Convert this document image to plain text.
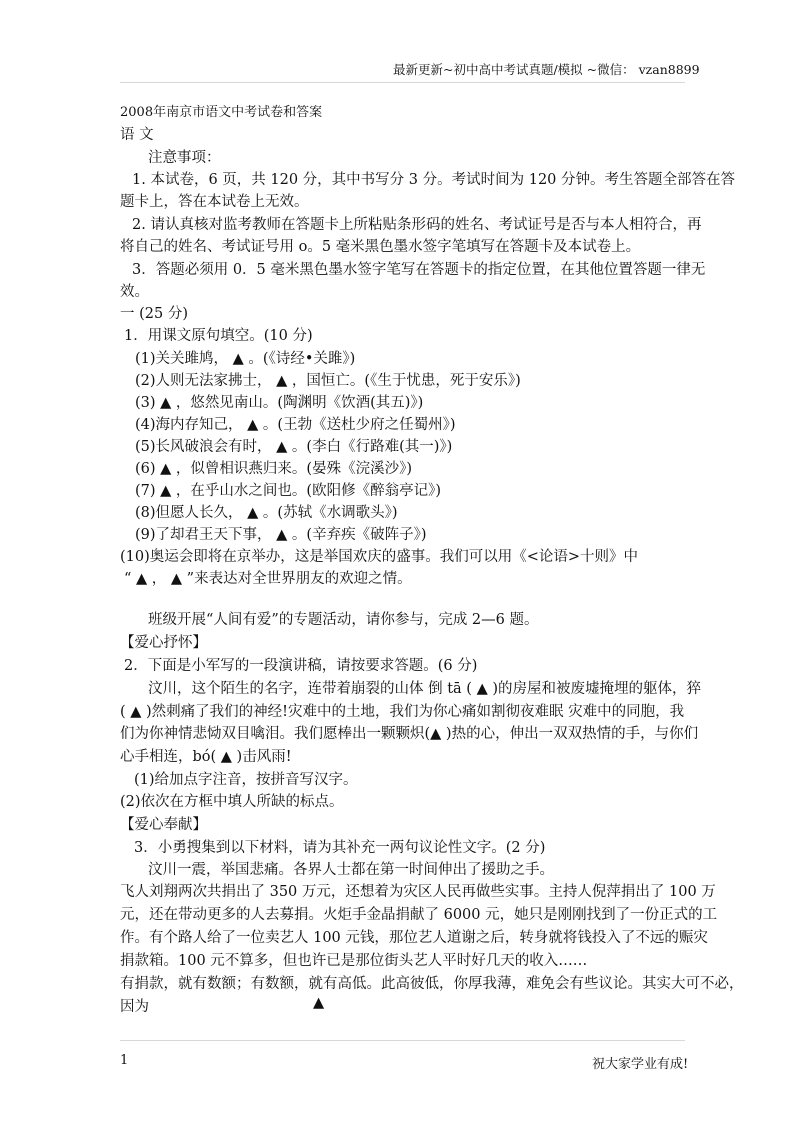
最新更新~初中高中考试真题/模拟 ~微信： vzan8899
2008年南京市语文中考试卷和答案
语 文
注意事项：
1. 本试卷，6 页，共 120 分，其中书写分 3 分。考试时间为 120 分钟。考生答题全部答在答
题卡上，答在本试卷上无效。
2. 请认真核对监考教师在答题卡上所粘贴条形码的姓名、考试证号是否与本人相符合，再
将自己的姓名、考试证号用 o。5 毫米黑色墨水签字笔填写在答题卡及本试卷上。
3．答题必须用 0．5 毫米黑色墨水签字笔写在答题卡的指定位置，在其他位置答题一律无
效。
一 (25 分)
1．用课文原句填空。(10 分)
(1)关关雎鸠， ▲ 。(《诗经•关雎》)
(2)人则无法家拂士， ▲ ，国恒亡。(《生于忧患，死于安乐》)
(3) ▲ ，悠然见南山。(陶渊明《饮酒(其五)》)
(4)海内存知己， ▲ 。(王勃《送杜少府之任蜀州》)
(5)长风破浪会有时， ▲ 。(李白《行路难(其一)》)
(6) ▲ ，似曾相识燕归来。(晏殊《浣溪沙》)
(7) ▲ ，在乎山水之间也。(欧阳修《醉翁亭记》)
(8)但愿人长久， ▲ 。(苏轼《水调歌头》)
(9)了却君王天下事， ▲ 。(辛弃疾《破阵子》)
(10)奥运会即将在京举办，这是举国欢庆的盛事。我们可以用《<论语>十则》中
“ ▲ ， ▲ ”来表达对全世界朋友的欢迎之情。
班级开展“人间有爱”的专题活动，请你参与，完成 2—6 题。
【爱心抒怀】
2．下面是小军写的一段演讲稿，请按要求答题。(6 分)
汶川，这个陌生的名字，连带着崩裂的山体 倒 tā ( ▲ )的房屋和被废墟掩埋的躯体，猝
( ▲ )然刺痛了我们的神经!灾难中的土地，我们为你心痛如割彻夜难眠 灾难中的同胞，我
们为你神情悲恸双目噙泪。我们愿棒出一颗颗炽(▲ )热的心，伸出一双双热情的手，与你们
心手相连，bó( ▲ )击风雨!
(1)给加点字注音，按拼音写汉字。
(2)依次在方框中填人所缺的标点。
【爱心奉献】
3．小勇搜集到以下材料，请为其补充一两句议论性文字。(2 分)
汶川一震，举国悲痛。各界人士都在第一时间伸出了援助之手。
飞人刘翔两次共捐出了 350 万元，还想着为灾区人民再做些实事。主持人倪萍捐出了 100 万
元，还在带动更多的人去募捐。火炬手金晶捐献了 6000 元，她只是刚刚找到了一份正式的工
作。有个路人给了一位卖艺人 100 元钱，那位艺人道谢之后，转身就将钱投入了不远的赈灾
捐款箱。100 元不算多，但也许已是那位街头艺人平时好几天的收入……
有捐款，就有数额；有数额，就有高低。此高彼低，你厚我薄，难免会有些议论。其实大可不必，
因为	▲
1	祝大家学业有成!
